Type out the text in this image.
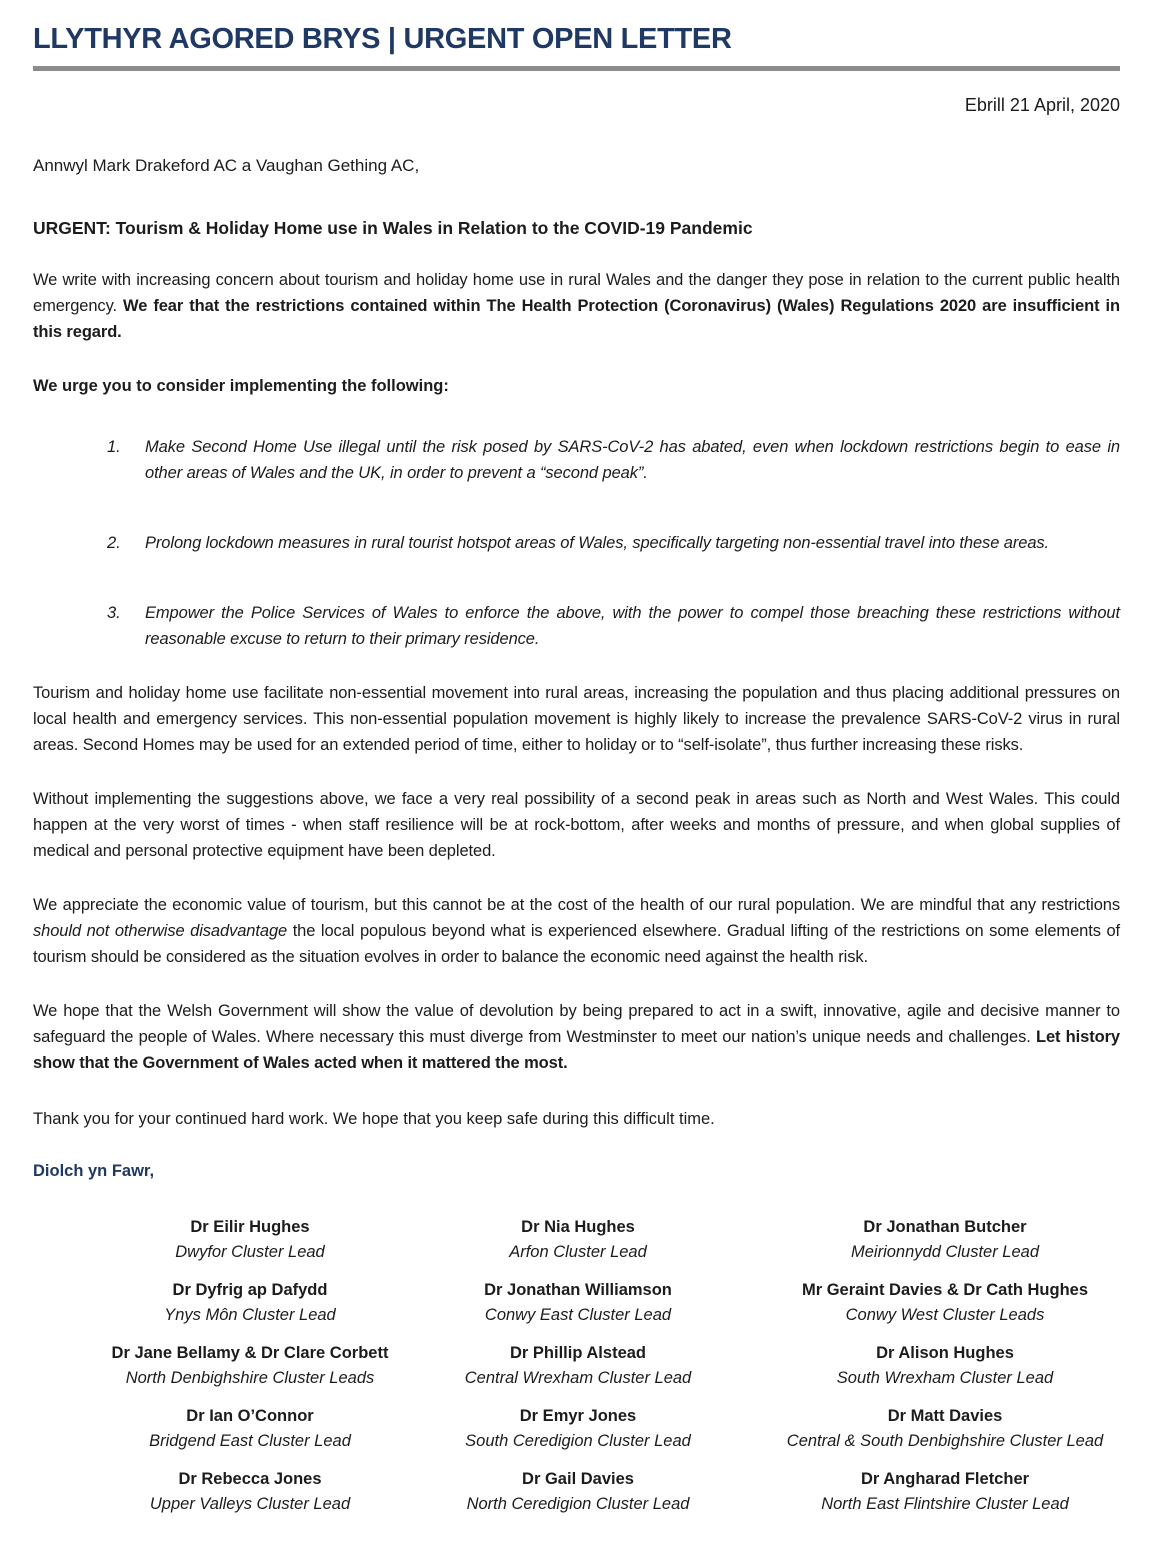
LLYTHYR AGORED BRYS | URGENT OPEN LETTER
Ebrill 21 April, 2020
Annwyl Mark Drakeford AC a Vaughan Gething AC,
URGENT: Tourism & Holiday Home use in Wales in Relation to the COVID-19 Pandemic

We write with increasing concern about tourism and holiday home use in rural Wales and the danger they pose in relation to the current public health emergency. We fear that the restrictions contained within The Health Protection (Coronavirus) (Wales) Regulations 2020 are insufficient in this regard.

We urge you to consider implementing the following:
1.	Make Second Home Use illegal until the risk posed by SARS-CoV-2 has abated, even when lockdown restrictions begin to ease in other areas of Wales and the UK, in order to prevent a “second peak”.
2.	Prolong lockdown measures in rural tourist hotspot areas of Wales, specifically targeting non-essential travel into these areas.
3.	Empower the Police Services of Wales to enforce the above, with the power to compel those breaching these restrictions without reasonable excuse to return to their primary residence.

Tourism and holiday home use facilitate non-essential movement into rural areas, increasing the population and thus placing additional pressures on local health and emergency services. This non-essential population movement is highly likely to increase the prevalence SARS-CoV-2 virus in rural areas. Second Homes may be used for an extended period of time, either to holiday or to “self-isolate”, thus further increasing these risks.

Without implementing the suggestions above, we face a very real possibility of a second peak in areas such as North and West Wales. This could happen at the very worst of times - when staff resilience will be at rock-bottom, after weeks and months of pressure, and when global supplies of medical and personal protective equipment have been depleted.

We appreciate the economic value of tourism, but this cannot be at the cost of the health of our rural population. We are mindful that any restrictions should not otherwise disadvantage the local populous beyond what is experienced elsewhere. Gradual lifting of the restrictions on some elements of tourism should be considered as the situation evolves in order to balance the economic need against the health risk.

We hope that the Welsh Government will show the value of devolution by being prepared to act in a swift, innovative, agile and decisive manner to safeguard the people of Wales. Where necessary this must diverge from Westminster to meet our nation’s unique needs and challenges. Let history show that the Government of Wales acted when it mattered the most.

Thank you for your continued hard work. We hope that you keep safe during this difficult time.
Diolch yn Fawr,
Dr Eilir Hughes
Dwyfor Cluster Lead
Dr Nia Hughes
Arfon Cluster Lead
Dr Jonathan Butcher
Meirionnydd Cluster Lead
Dr Dyfrig ap Dafydd
Ynys Môn Cluster Lead
Dr Jonathan Williamson
Conwy East Cluster Lead
Mr Geraint Davies & Dr Cath Hughes
Conwy West Cluster Leads
Dr Jane Bellamy & Dr Clare Corbett
North Denbighshire Cluster Leads
Dr Phillip Alstead
Central Wrexham Cluster Lead
Dr Alison Hughes
South Wrexham Cluster Lead
Dr Ian O’Connor
Bridgend East Cluster Lead
Dr Emyr Jones
South Ceredigion Cluster Lead
Dr Matt Davies
Central & South Denbighshire Cluster Lead
Dr Rebecca Jones
Upper Valleys Cluster Lead
Dr Gail Davies
North Ceredigion Cluster Lead
Dr Angharad Fletcher
North East Flintshire Cluster Lead
